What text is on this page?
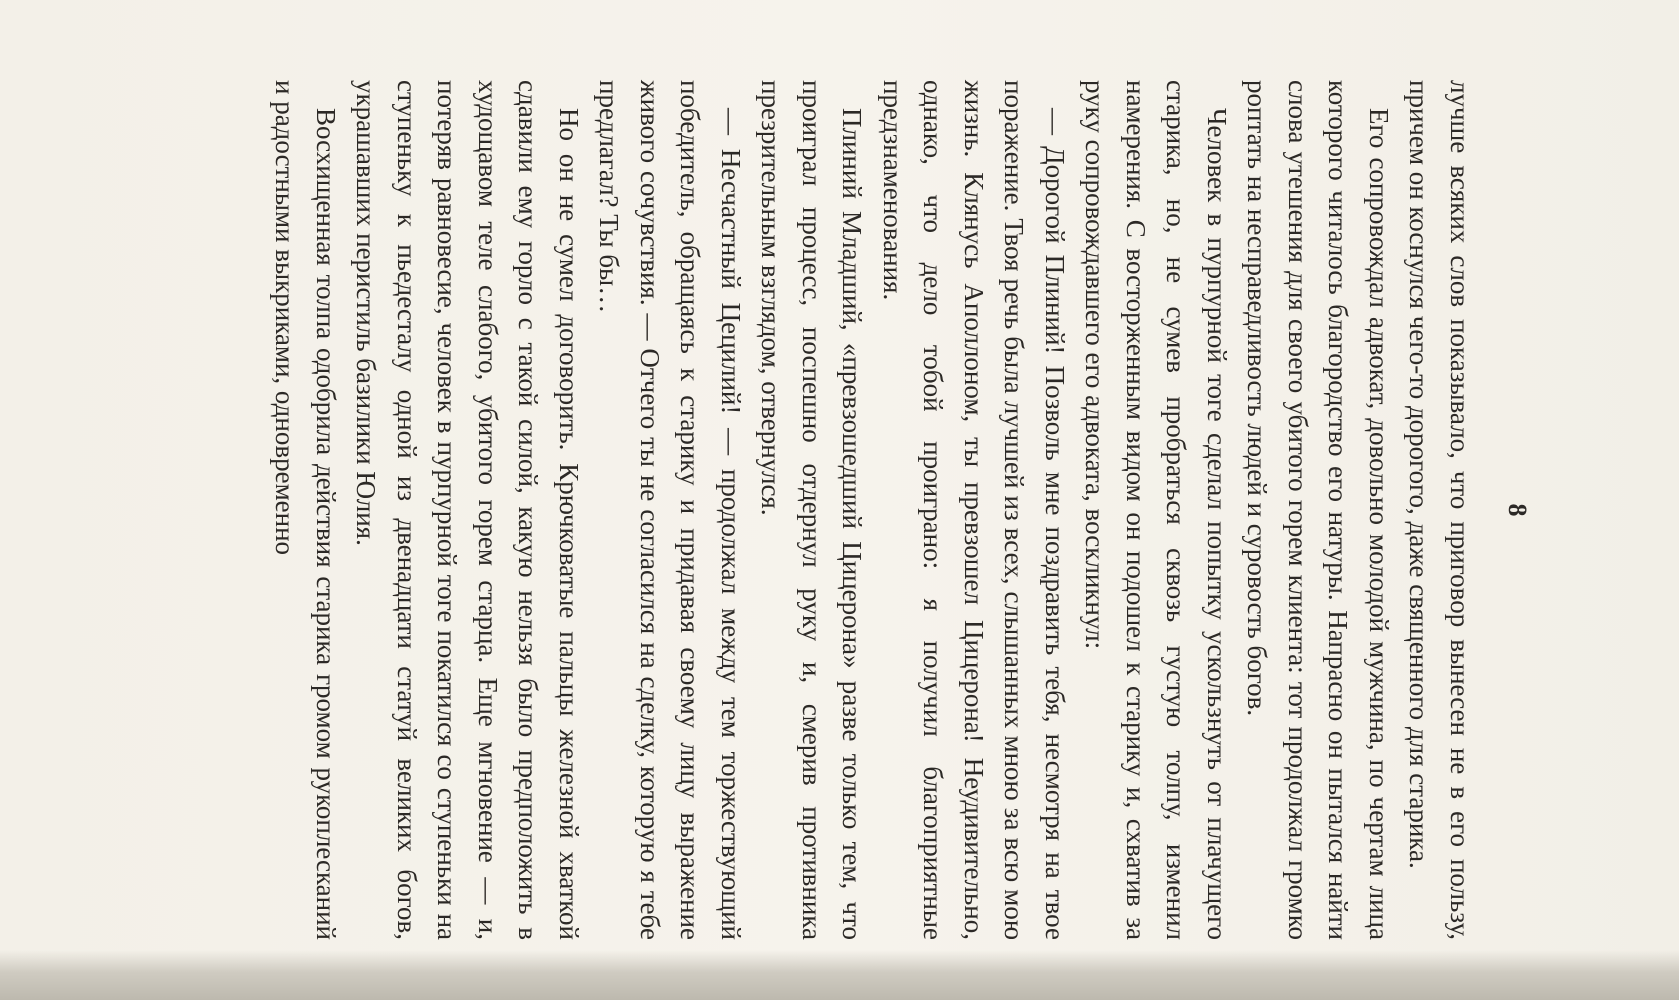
8

лучше всяких слов показывало, что приговор вынесен не в его пользу, причем он коснулся чего-то дорогого, даже священного для старика.

Его сопровождал адвокат, довольно молодой мужчина, по чертам лица которого читалось благородство его натуры. Напрасно он пытался найти слова утешения для своего убитого горем клиента: тот продолжал громко роптать на несправедливость людей и суровость богов.

Человек в пурпурной тоге сделал попытку ускользнуть от плачущего старика, но, не сумев пробраться сквозь густую толпу, изменил намерения. С восторженным видом он подошел к старику и, схватив за руку сопровождавшего его адвоката, воскликнул:

— Дорогой Плиний! Позволь мне поздравить тебя, несмотря на твое поражение. Твоя речь была лучшей из всех, слышанных мною за всю мою жизнь. Клянусь Аполлоном, ты превзошел Цицерона! Неудивительно, однако, что дело тобой проиграно: я получил благоприятные предзнаменования.

Плиний Младший, «превзошедший Цицерона» разве только тем, что проиграл процесс, поспешно отдернул руку и, смерив противника презрительным взглядом, отвернулся.

— Несчастный Цецилий! — продолжал между тем торжествующий победитель, обращаясь к старику и придавая своему лицу выражение живого сочувствия. — Отчего ты не согласился на сделку, которую я тебе предлагал? Ты бы…

Но он не сумел договорить. Крючковатые пальцы железной хваткой сдавили ему горло с такой силой, какую нельзя было предположить в худощавом теле слабого, убитого горем старца. Еще мгновение — и, потеряв равновесие, человек в пурпурной тоге покатился со ступеньки на ступеньку к пьедесталу одной из двенадцати статуй великих богов, украшавших перистиль базилики Юлия.

Восхищенная толпа одобрила действия старика громом рукоплесканий и радостными выкриками, одновременно
